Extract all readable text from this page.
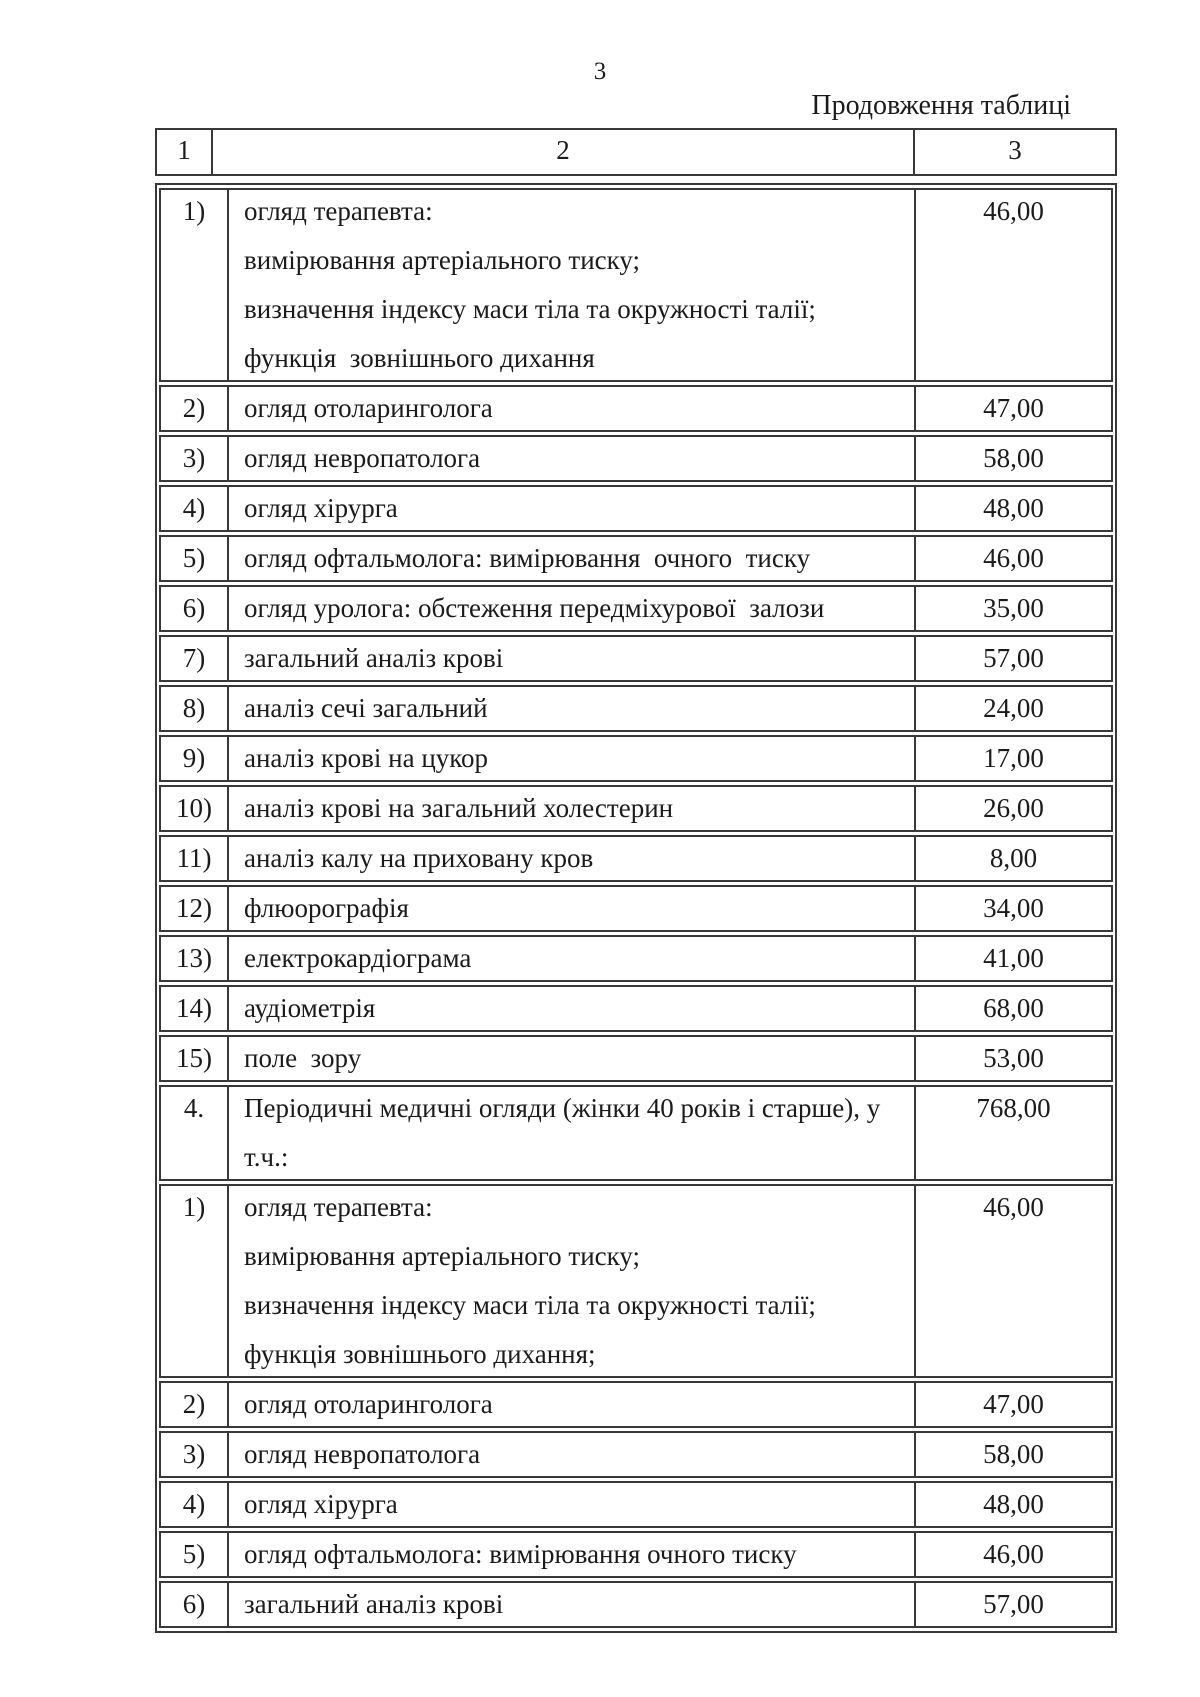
3
Продовження таблиці
1	2	3
1)	огляд терапевта:
вимірювання артеріального тиску;
визначення індексу маси тіла та окружності талії;
функція  зовнішнього дихання	46,00

2)	огляд отоларинголога	47,00

3)	огляд невропатолога	58,00

4)	огляд хірурга	48,00

5)	огляд офтальмолога: вимірювання  очного  тиску	46,00

6)	огляд уролога: обстеження передміхурової  залози	35,00

7)	загальний аналіз крові	57,00

8)	аналіз сечі загальний	24,00

9)	аналіз крові на цукор	17,00

10)	аналіз крові на загальний холестерин	26,00

11)	аналіз калу на приховану кров	8,00

12)	флюорографія	34,00

13)	електрокардіограма	41,00

14)	аудіометрія	68,00

15)	поле  зору	53,00

4.	Періодичні медичні огляди (жінки 40 років і старше), у
т.ч.:	768,00

1)	огляд терапевта:
вимірювання артеріального тиску;
визначення індексу маси тіла та окружності талії;
функція зовнішнього дихання;	46,00

2)	огляд отоларинголога	47,00

3)	огляд невропатолога	58,00

4)	огляд хірурга	48,00

5)	огляд офтальмолога: вимірювання очного тиску	46,00

6)	загальний аналіз крові	57,00
